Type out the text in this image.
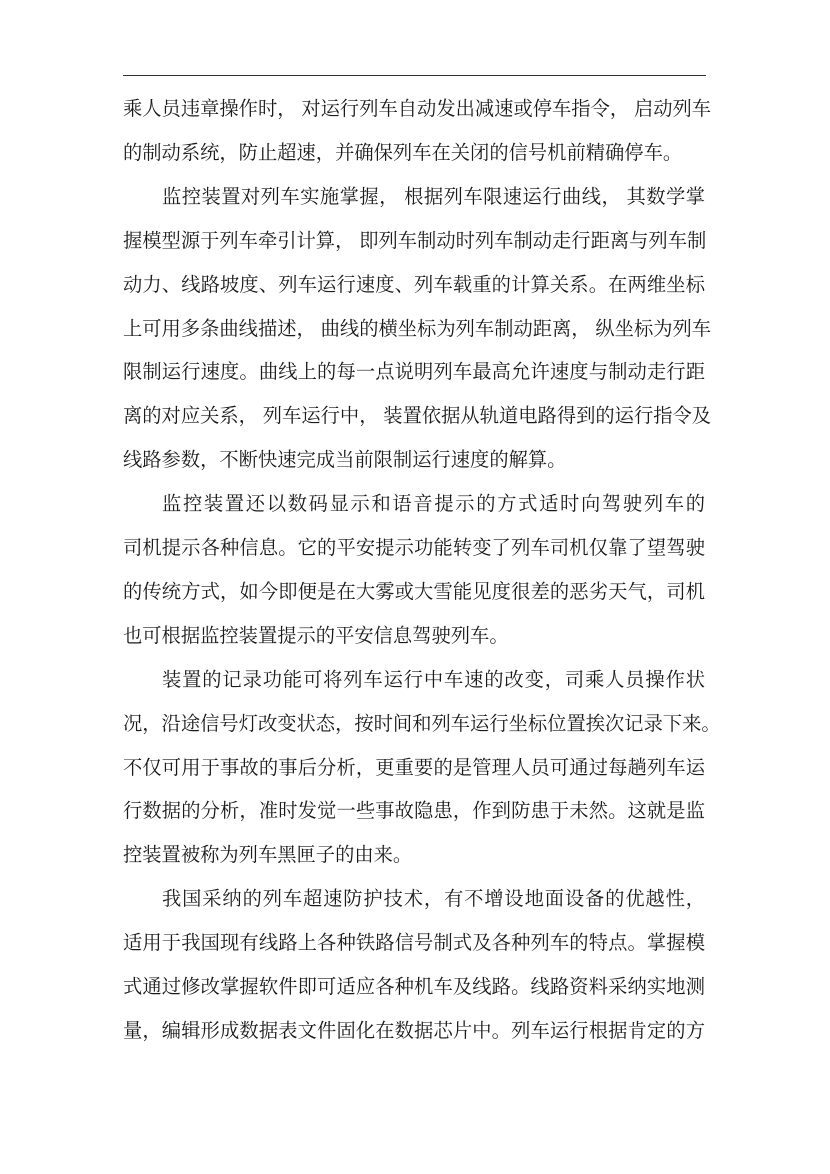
乘人员违章操作时， 对运行列车自动发出减速或停车指令， 启动列车
的制动系统，防止超速，并确保列车在关闭的信号机前精确停车。
监控装置对列车实施掌握， 根据列车限速运行曲线， 其数学掌
握模型源于列车牵引计算， 即列车制动时列车制动走行距离与列车制
动力、线路坡度、列车运行速度、列车载重的计算关系。在两维坐标
上可用多条曲线描述， 曲线的横坐标为列车制动距离， 纵坐标为列车
限制运行速度。曲线上的每一点说明列车最高允许速度与制动走行距
离的对应关系， 列车运行中， 装置依据从轨道电路得到的运行指令及
线路参数，不断快速完成当前限制运行速度的解算。
监控装置还以数码显示和语音提示的方式适时向驾驶列车的
司机提示各种信息。它的平安提示功能转变了列车司机仅靠了望驾驶
的传统方式，如今即便是在大雾或大雪能见度很差的恶劣天气，司机
也可根据监控装置提示的平安信息驾驶列车。
装置的记录功能可将列车运行中车速的改变，司乘人员操作状
况，沿途信号灯改变状态，按时间和列车运行坐标位置挨次记录下来。
不仅可用于事故的事后分析，更重要的是管理人员可通过每趟列车运
行数据的分析，准时发觉一些事故隐患，作到防患于未然。这就是监
控装置被称为列车黑匣子的由来。
我国采纳的列车超速防护技术，有不增设地面设备的优越性，
适用于我国现有线路上各种铁路信号制式及各种列车的特点。掌握模
式通过修改掌握软件即可适应各种机车及线路。线路资料采纳实地测
量，编辑形成数据表文件固化在数据芯片中。列车运行根据肯定的方
